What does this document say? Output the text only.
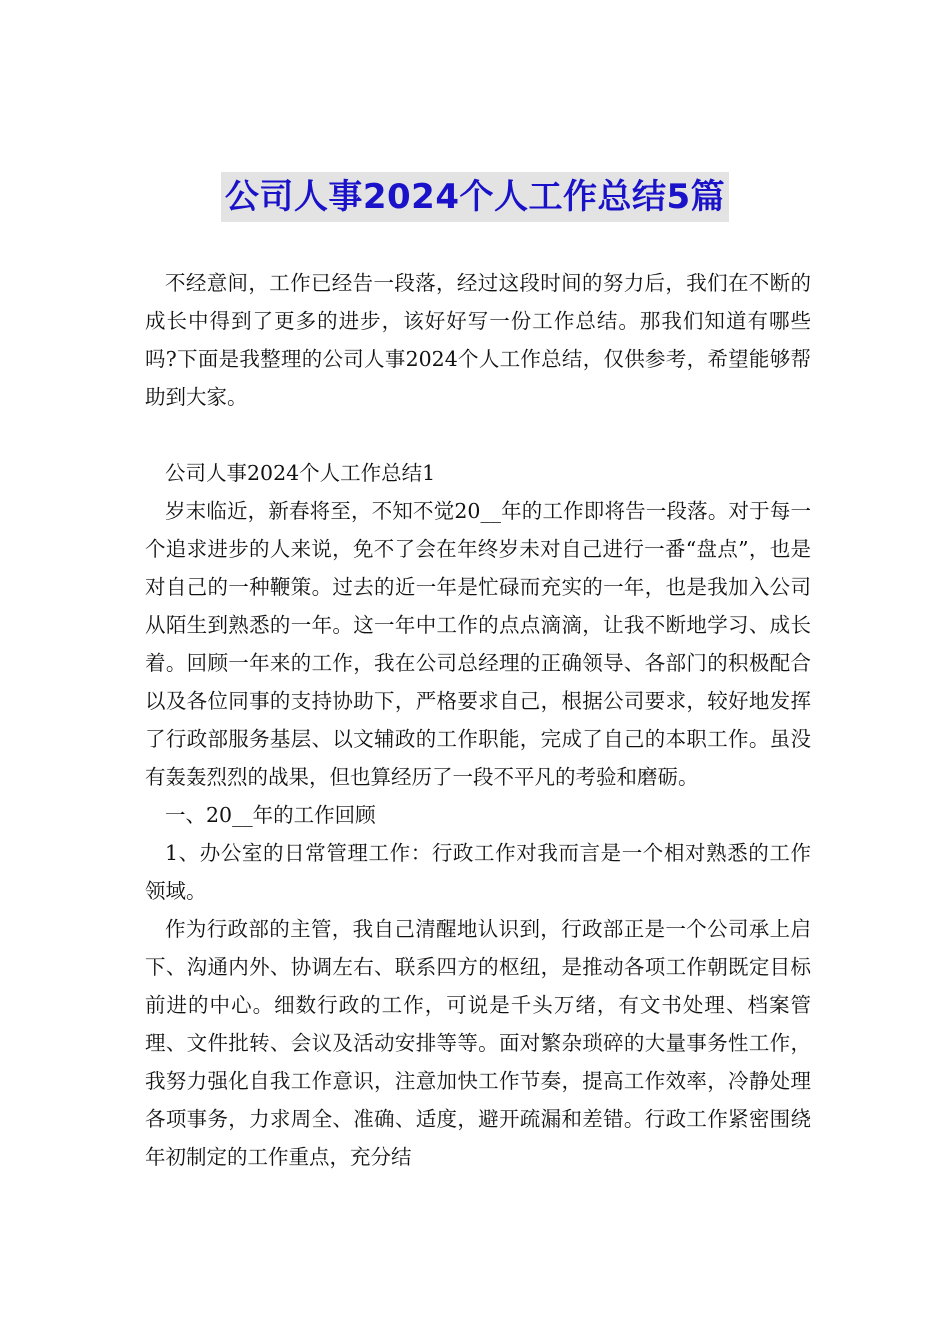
公司人事2024个人工作总结5篇

不经意间，工作已经告一段落，经过这段时间的努力后，我们在不断的成长中得到了更多的进步，该好好写一份工作总结。那我们知道有哪些吗?下面是我整理的公司人事2024个人工作总结，仅供参考，希望能够帮助到大家。

公司人事2024个人工作总结1

岁末临近，新春将至，不知不觉20__年的工作即将告一段落。对于每一个追求进步的人来说，免不了会在年终岁未对自己进行一番“盘点”，也是对自己的一种鞭策。过去的近一年是忙碌而充实的一年，也是我加入公司从陌生到熟悉的一年。这一年中工作的点点滴滴，让我不断地学习、成长着。回顾一年来的工作，我在公司总经理的正确领导、各部门的积极配合以及各位同事的支持协助下，严格要求自己，根据公司要求，较好地发挥了行政部服务基层、以文辅政的工作职能，完成了自己的本职工作。虽没有轰轰烈烈的战果，但也算经历了一段不平凡的考验和磨砺。

一、20__年的工作回顾

1、办公室的日常管理工作：行政工作对我而言是一个相对熟悉的工作领域。

作为行政部的主管，我自己清醒地认识到，行政部正是一个公司承上启下、沟通内外、协调左右、联系四方的枢纽，是推动各项工作朝既定目标前进的中心。细数行政的工作，可说是千头万绪，有文书处理、档案管理、文件批转、会议及活动安排等等。面对繁杂琐碎的大量事务性工作，我努力强化自我工作意识，注意加快工作节奏，提高工作效率，冷静处理各项事务，力求周全、准确、适度，避开疏漏和差错。行政工作紧密围绕年初制定的工作重点，充分结
